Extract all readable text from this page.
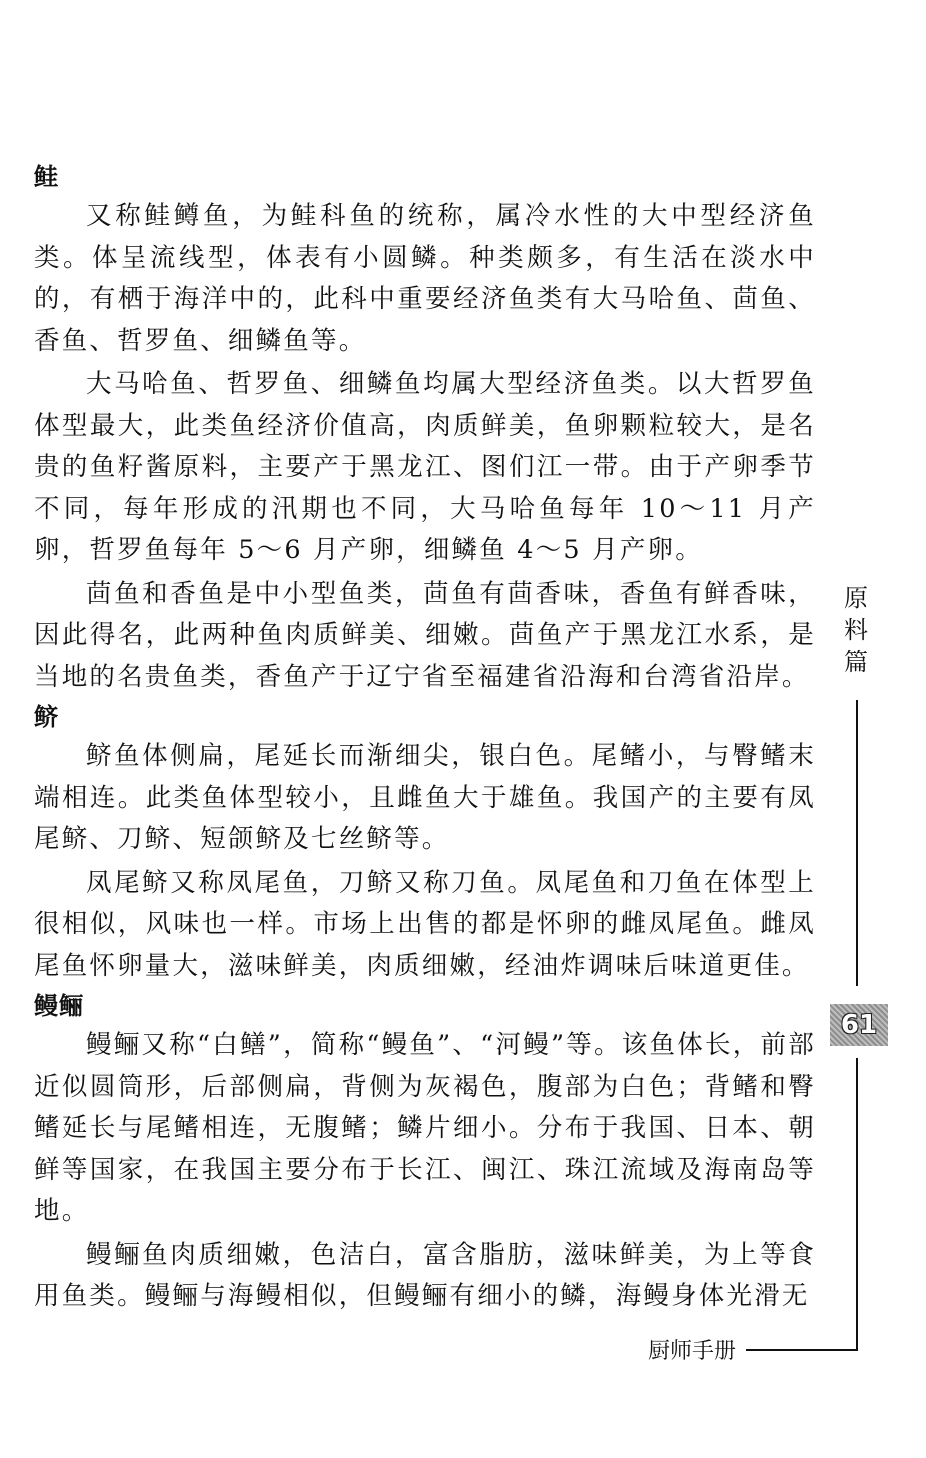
鲑

又称鲑鳟鱼，为鲑科鱼的统称，属冷水性的大中型经济鱼类。体呈流线型，体表有小圆鳞。种类颇多，有生活在淡水中的，有栖于海洋中的，此科中重要经济鱼类有大马哈鱼、茴鱼、香鱼、哲罗鱼、细鳞鱼等。

大马哈鱼、哲罗鱼、细鳞鱼均属大型经济鱼类。以大哲罗鱼体型最大，此类鱼经济价值高，肉质鲜美，鱼卵颗粒较大，是名贵的鱼籽酱原料，主要产于黑龙江、图们江一带。由于产卵季节不同，每年形成的汛期也不同，大马哈鱼每年 10～11 月产卵，哲罗鱼每年 5～6 月产卵，细鳞鱼 4～5 月产卵。

茴鱼和香鱼是中小型鱼类，茴鱼有茴香味，香鱼有鲜香味，因此得名，此两种鱼肉质鲜美、细嫩。茴鱼产于黑龙江水系，是当地的名贵鱼类，香鱼产于辽宁省至福建省沿海和台湾省沿岸。

鲚

鲚鱼体侧扁，尾延长而渐细尖，银白色。尾鳍小，与臀鳍末端相连。此类鱼体型较小，且雌鱼大于雄鱼。我国产的主要有凤尾鲚、刀鲚、短颌鲚及七丝鲚等。

凤尾鲚又称凤尾鱼，刀鲚又称刀鱼。凤尾鱼和刀鱼在体型上很相似，风味也一样。市场上出售的都是怀卵的雌凤尾鱼。雌凤尾鱼怀卵量大，滋味鲜美，肉质细嫩，经油炸调味后味道更佳。

鳗鲡

鳗鲡又称“白鳝”，简称“鳗鱼”、“河鳗”等。该鱼体长，前部近似圆筒形，后部侧扁，背侧为灰褐色，腹部为白色；背鳍和臀鳍延长与尾鳍相连，无腹鳍；鳞片细小。分布于我国、日本、朝鲜等国家，在我国主要分布于长江、闽江、珠江流域及海南岛等地。

鳗鲡鱼肉质细嫩，色洁白，富含脂肪，滋味鲜美，为上等食用鱼类。鳗鲡与海鳗相似，但鳗鲡有细小的鳞，海鳗身体光滑无

原
料
篇
61
厨师手册
